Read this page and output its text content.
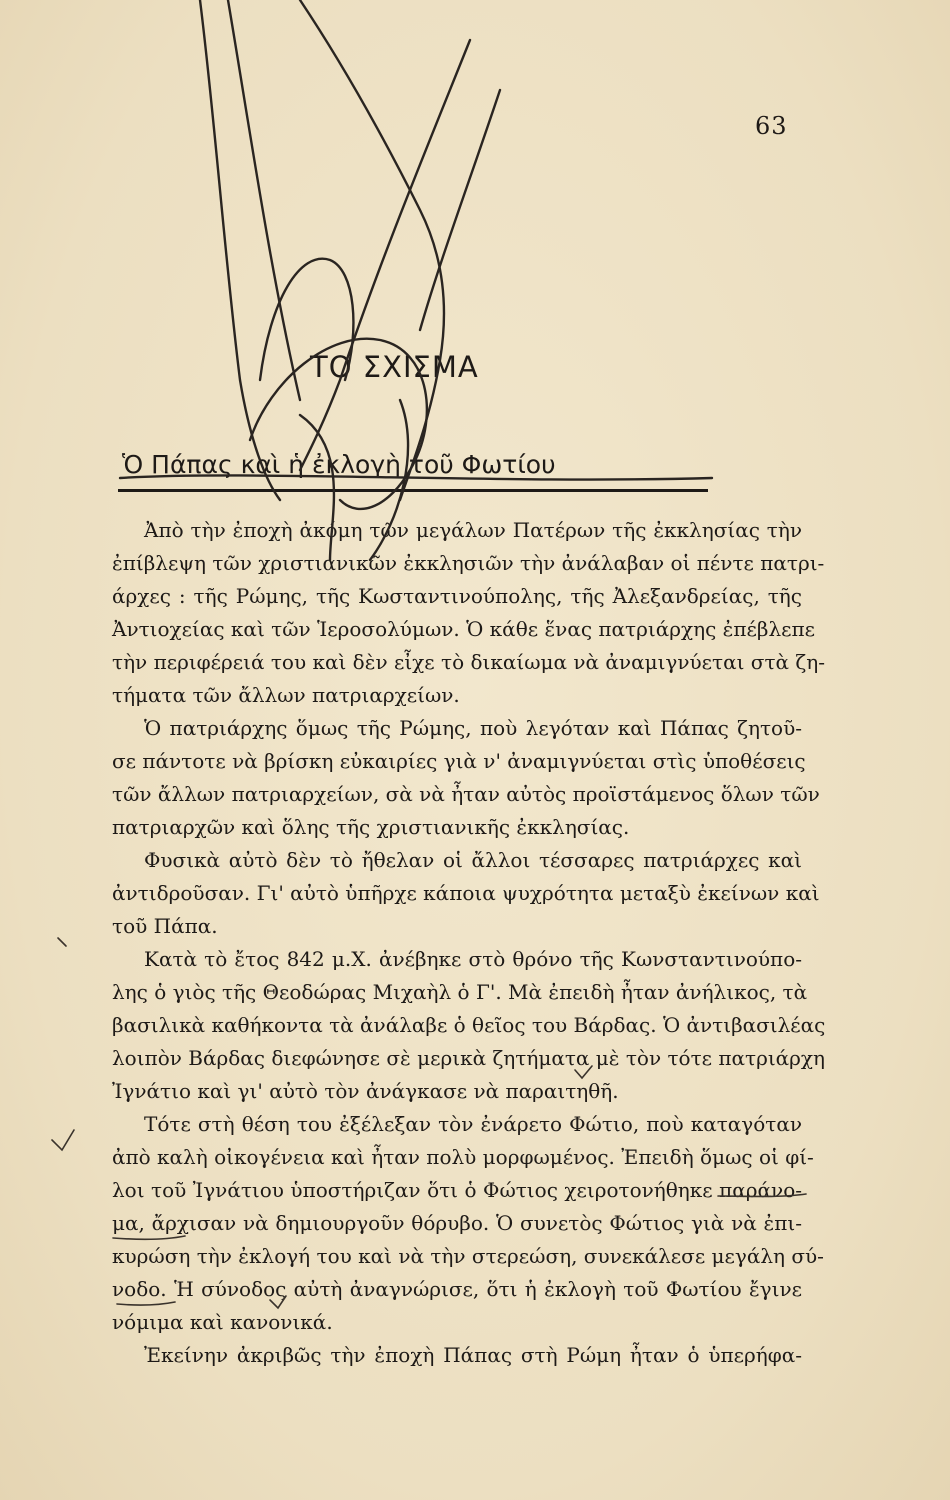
63
ΤΟ ΣΧΙΣΜΑ
Ὁ Πάπας καὶ ἡ ἐκλογὴ τοῦ Φωτίου
Ἀπὸ τὴν ἐποχὴ ἀκόμη τῶν μεγάλων Πατέρων τῆς ἐκκλησίας τὴν
ἐπίβλεψη τῶν χριστιανικῶν ἐκκλησιῶν τὴν ἀνάλαβαν οἱ πέντε πατρι-
άρχες : τῆς Ρώμης, τῆς Κωσταντινούπολης, τῆς Ἀλεξανδρείας, τῆς
Ἀντιοχείας καὶ τῶν Ἱεροσολύμων. Ὁ κάθε ἕνας πατριάρχης ἐπέβλεπε
τὴν περιφέρειά του καὶ δὲν εἶχε τὸ δικαίωμα νὰ ἀναμιγνύεται στὰ ζη-
τήματα τῶν ἄλλων πατριαρχείων.
Ὁ πατριάρχης ὅμως τῆς Ρώμης, ποὺ λεγόταν καὶ Πάπας ζητοῦ-
σε πάντοτε νὰ βρίσκη εὐκαιρίες γιὰ ν' ἀναμιγνύεται στὶς ὑποθέσεις
τῶν ἄλλων πατριαρχείων, σὰ νὰ ἦταν αὐτὸς προϊστάμενος ὅλων τῶν
πατριαρχῶν καὶ ὅλης τῆς χριστιανικῆς ἐκκλησίας.
Φυσικὰ αὐτὸ δὲν τὸ ἤθελαν οἱ ἄλλοι τέσσαρες πατριάρχες καὶ
ἀντιδροῦσαν. Γι' αὐτὸ ὑπῆρχε κάποια ψυχρότητα μεταξὺ ἐκείνων καὶ
τοῦ Πάπα.
Κατὰ τὸ ἔτος 842 μ.Χ. ἀνέβηκε στὸ θρόνο τῆς Κωνσταντινούπο-
λης ὁ γιὸς τῆς Θεοδώρας Μιχαὴλ ὁ Γ'. Μὰ ἐπειδὴ ἦταν ἀνήλικος, τὰ
βασιλικὰ καθήκοντα τὰ ἀνάλαβε ὁ θεῖος του Βάρδας. Ὁ ἀντιβασιλέας
λοιπὸν Βάρδας διεφώνησε σὲ μερικὰ ζητήματα μὲ τὸν τότε πατριάρχη
Ἰγνάτιο καὶ γι' αὐτὸ τὸν ἀνάγκασε νὰ παραιτηθῆ.
Τότε στὴ θέση του ἐξέλεξαν τὸν ἐνάρετο Φώτιο, ποὺ καταγόταν
ἀπὸ καλὴ οἰκογένεια καὶ ἦταν πολὺ μορφωμένος. Ἐπειδὴ ὅμως οἱ φί-
λοι τοῦ Ἰγνάτιου ὑποστήριζαν ὅτι ὁ Φώτιος χειροτονήθηκε παράνο-
μα, ἄρχισαν νὰ δημιουργοῦν θόρυβο. Ὁ συνετὸς Φώτιος γιὰ νὰ ἐπι-
κυρώση τὴν ἐκλογή του καὶ νὰ τὴν στερεώση, συνεκάλεσε μεγάλη σύ-
νοδο. Ἡ σύνοδος αὐτὴ ἀναγνώρισε, ὅτι ἡ ἐκλογὴ τοῦ Φωτίου ἔγινε
νόμιμα καὶ κανονικά.
Ἐκείνην ἀκριβῶς τὴν ἐποχὴ Πάπας στὴ Ρώμη ἦταν ὁ ὑπερήφα-
